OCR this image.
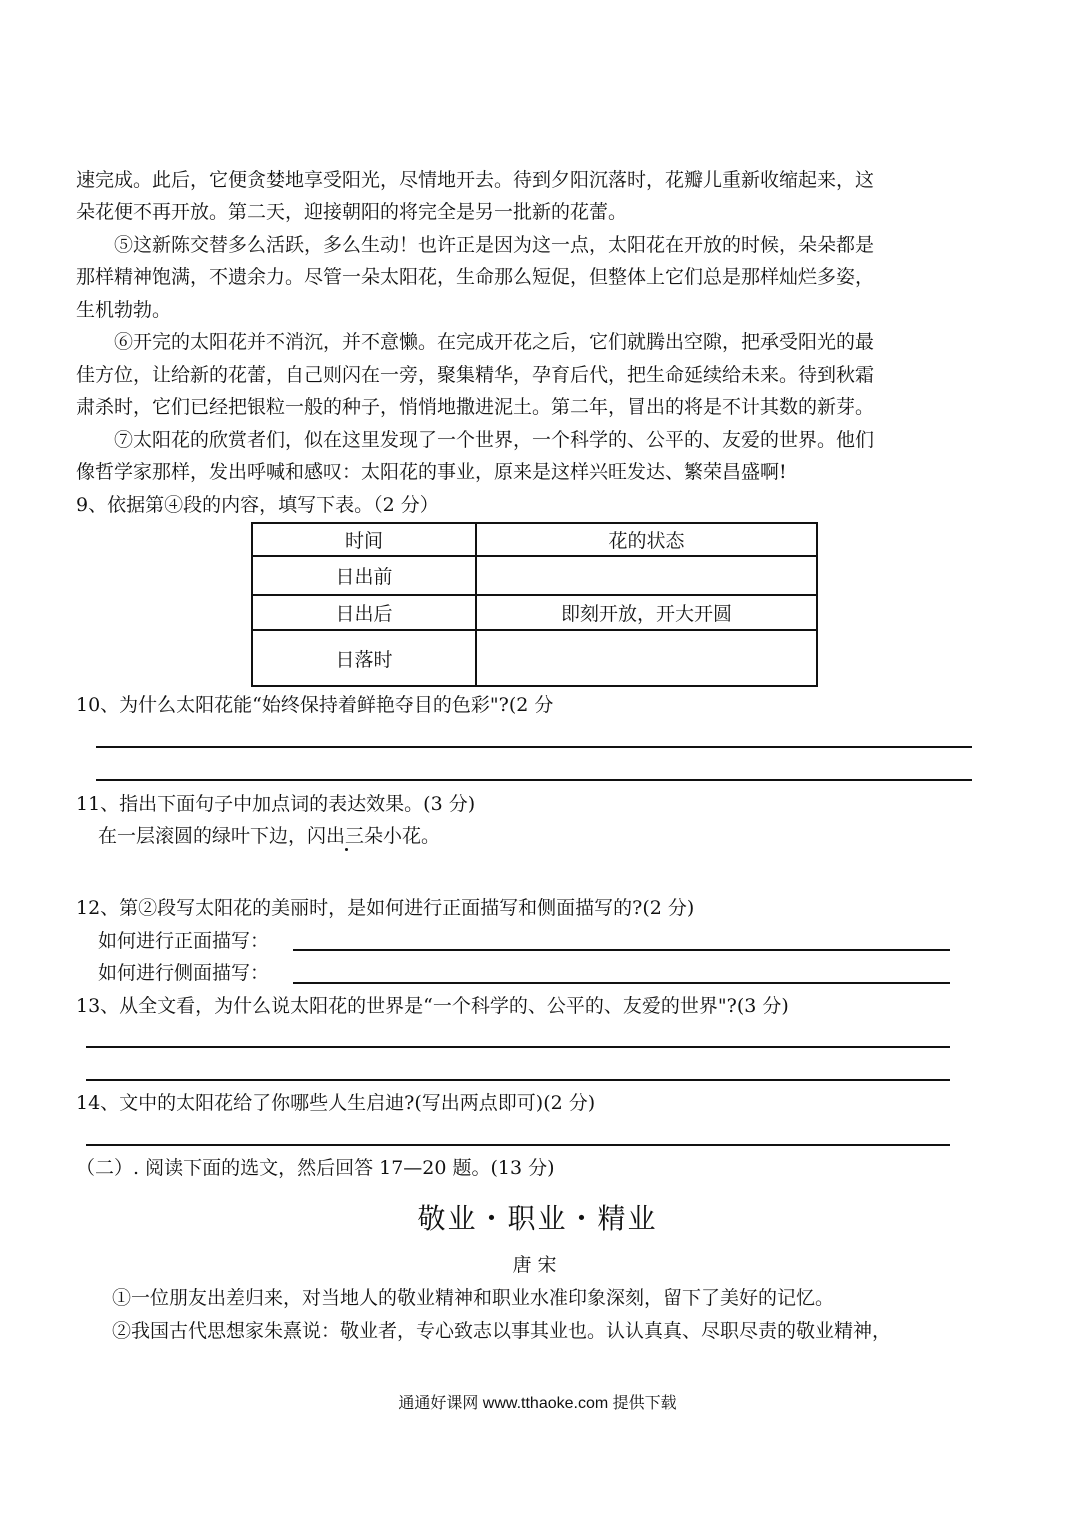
速完成。此后，它便贪婪地享受阳光，尽情地开去。待到夕阳沉落时，花瓣儿重新收缩起来，这
朵花便不再开放。第二天，迎接朝阳的将完全是另一批新的花蕾。
⑤这新陈交替多么活跃，多么生动！也许正是因为这一点，太阳花在开放的时候，朵朵都是
那样精神饱满，不遗余力。尽管一朵太阳花，生命那么短促，但整体上它们总是那样灿烂多姿，
生机勃勃。
⑥开完的太阳花并不消沉，并不意懒。在完成开花之后，它们就腾出空隙，把承受阳光的最
佳方位，让给新的花蕾，自己则闪在一旁，聚集精华，孕育后代，把生命延续给未来。待到秋霜
肃杀时，它们已经把银粒一般的种子，悄悄地撒进泥土。第二年，冒出的将是不计其数的新芽。
⑦太阳花的欣赏者们，似在这里发现了一个世界，一个科学的、公平的、友爱的世界。他们
像哲学家那样，发出呼喊和感叹：太阳花的事业，原来是这样兴旺发达、繁荣昌盛啊!
9、依据第④段的内容，填写下表。（2 分）
时间	花的状态
日出前	
日出后	即刻开放，开大开圆
日落时	
10、为什么太阳花能“始终保持着鲜艳夺目的色彩"?(2 分
11、指出下面句子中加点词的表达效果。(3 分)
在一层滚圆的绿叶下边，闪出三朵小花。
12、第②段写太阳花的美丽时，是如何进行正面描写和侧面描写的?(2 分)
如何进行正面描写：
如何进行侧面描写：
13、从全文看，为什么说太阳花的世界是“一个科学的、公平的、友爱的世界"?(3 分)
14、文中的太阳花给了你哪些人生启迪?(写出两点即可)(2 分)
（二）. 阅读下面的选文，然后回答 17—20 题。(13 分)
敬业・职业・精业
唐宋
①一位朋友出差归来，对当地人的敬业精神和职业水准印象深刻，留下了美好的记忆。
②我国古代思想家朱熹说：敬业者，专心致志以事其业也。认认真真、尽职尽责的敬业精神，
通通好课网 www.tthaoke.com 提供下载
